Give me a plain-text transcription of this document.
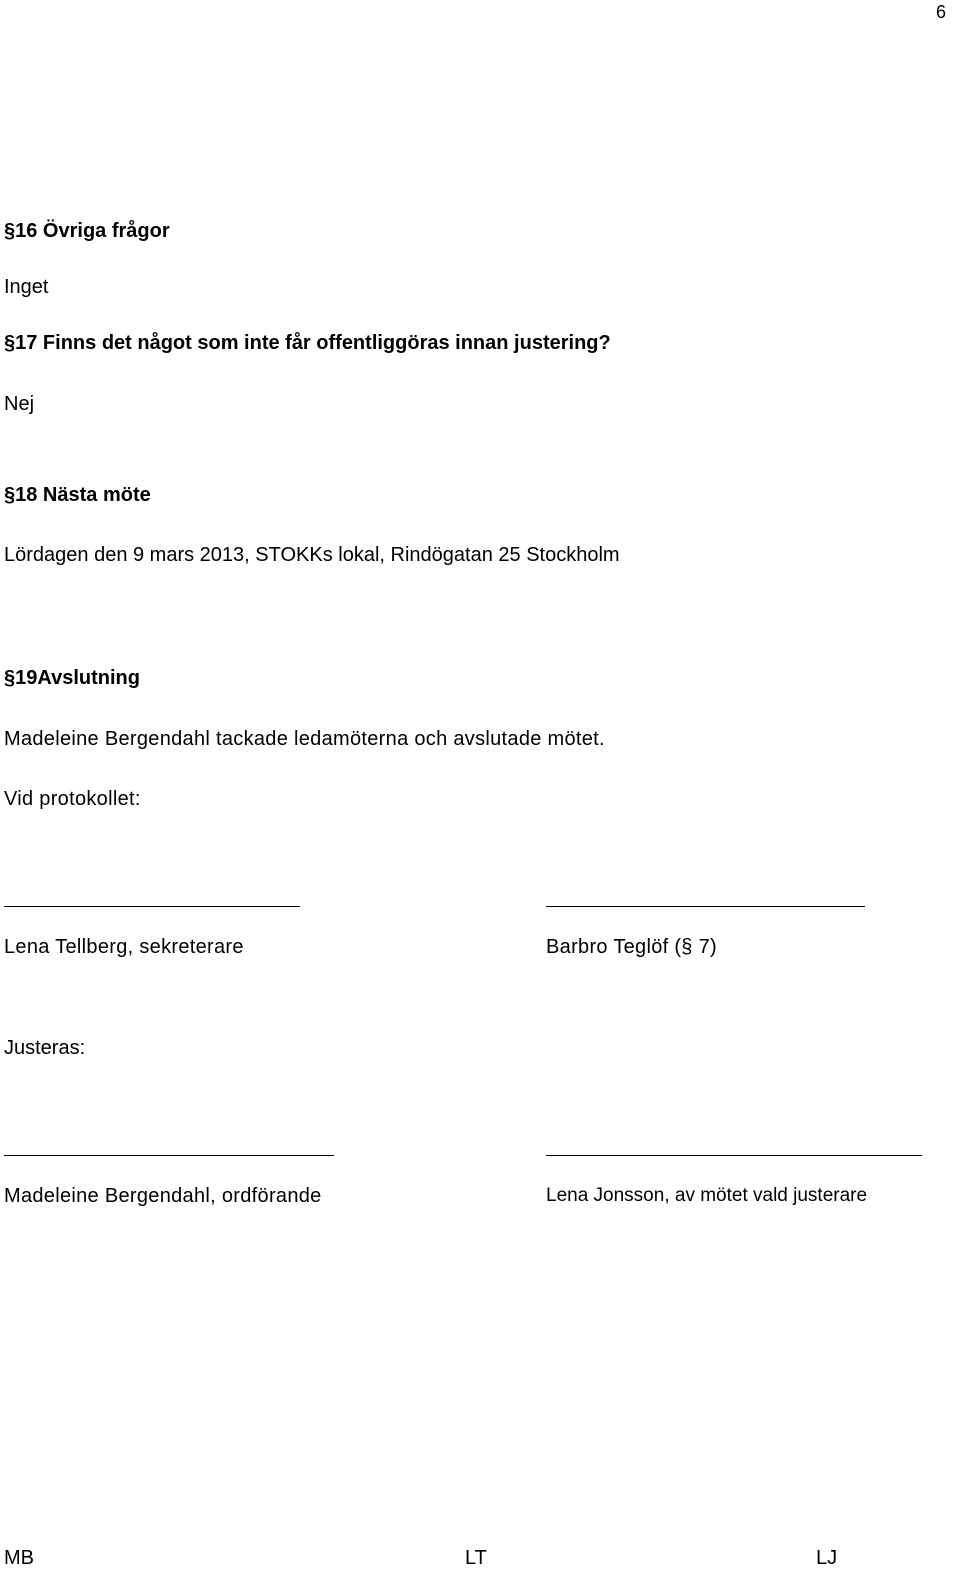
6
§16 Övriga frågor
Inget
§17 Finns det något som inte får offentliggöras innan justering?
Nej
§18 Nästa möte
Lördagen den 9 mars 2013, STOKKs lokal, Rindögatan 25 Stockholm
§19Avslutning
Madeleine Bergendahl tackade ledamöterna och avslutade mötet.
Vid protokollet:
Lena Tellberg, sekreterare	Barbro Teglöf (§ 7)
Justeras:
Madeleine Bergendahl, ordförande	Lena Jonsson, av mötet vald justerare
MB	LT	LJ
